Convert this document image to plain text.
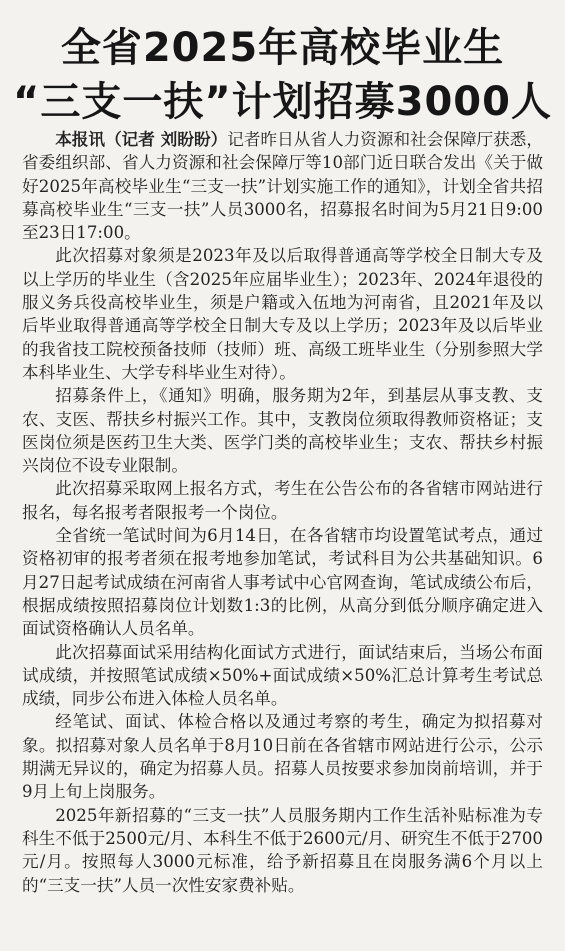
全省2025年高校毕业生
“三支一扶”计划招募3000人

本报讯（记者 刘盼盼）记者昨日从省人力资源和社会保障厅获悉，省委组织部、省人力资源和社会保障厅等10部门近日联合发出《关于做好2025年高校毕业生“三支一扶”计划实施工作的通知》，计划全省共招募高校毕业生“三支一扶”人员3000名，招募报名时间为5月21日9:00至23日17:00。

此次招募对象须是2023年及以后取得普通高等学校全日制大专及以上学历的毕业生（含2025年应届毕业生）；2023年、2024年退役的服义务兵役高校毕业生，须是户籍或入伍地为河南省，且2021年及以后毕业取得普通高等学校全日制大专及以上学历；2023年及以后毕业的我省技工院校预备技师（技师）班、高级工班毕业生（分别参照大学本科毕业生、大学专科毕业生对待）。

招募条件上，《通知》明确，服务期为2年，到基层从事支教、支农、支医、帮扶乡村振兴工作。其中，支教岗位须取得教师资格证；支医岗位须是医药卫生大类、医学门类的高校毕业生；支农、帮扶乡村振兴岗位不设专业限制。

此次招募采取网上报名方式，考生在公告公布的各省辖市网站进行报名，每名报考者限报考一个岗位。

全省统一笔试时间为6月14日，在各省辖市均设置笔试考点，通过资格初审的报考者须在报考地参加笔试，考试科目为公共基础知识。6月27日起考试成绩在河南省人事考试中心官网查询，笔试成绩公布后，根据成绩按照招募岗位计划数1:3的比例，从高分到低分顺序确定进入面试资格确认人员名单。

此次招募面试采用结构化面试方式进行，面试结束后，当场公布面试成绩，并按照笔试成绩×50%+面试成绩×50%汇总计算考生考试总成绩，同步公布进入体检人员名单。

经笔试、面试、体检合格以及通过考察的考生，确定为拟招募对象。拟招募对象人员名单于8月10日前在各省辖市网站进行公示，公示期满无异议的，确定为招募人员。招募人员按要求参加岗前培训，并于9月上旬上岗服务。

2025年新招募的“三支一扶”人员服务期内工作生活补贴标准为专科生不低于2500元/月、本科生不低于2600元/月、研究生不低于2700元/月。按照每人3000元标准，给予新招募且在岗服务满6个月以上的“三支一扶”人员一次性安家费补贴。
